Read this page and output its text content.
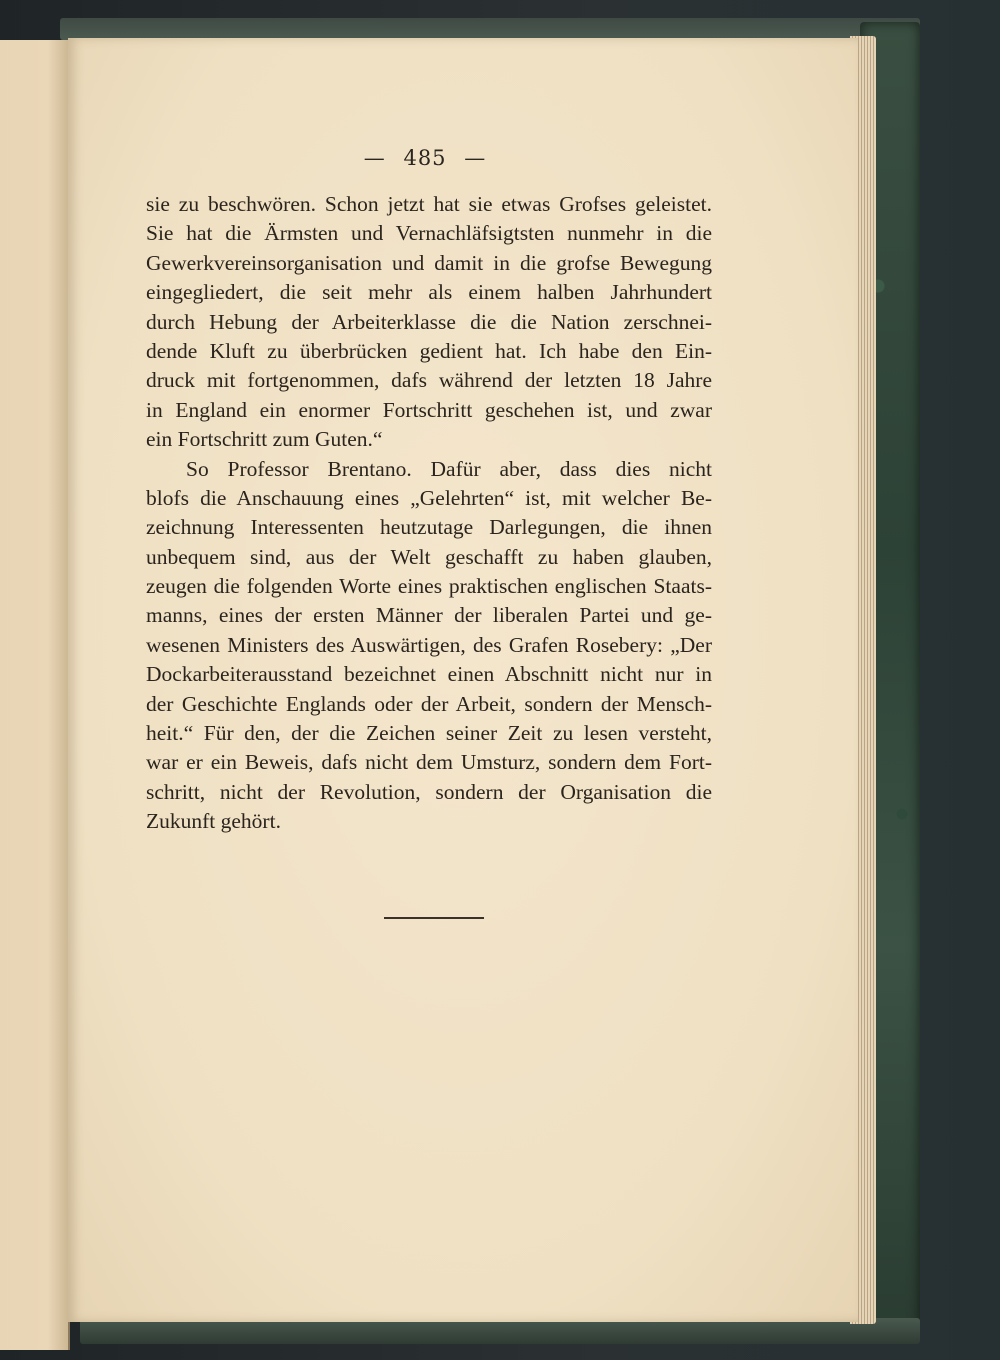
— 485 —
sie zu beschwören. Schon jetzt hat sie etwas Grofses geleistet.
Sie hat die Ärmsten und Vernachläfsigtsten nunmehr in die
Gewerkvereinsorganisation und damit in die grofse Bewegung
eingegliedert, die seit mehr als einem halben Jahrhundert
durch Hebung der Arbeiterklasse die die Nation zerschnei-
dende Kluft zu überbrücken gedient hat. Ich habe den Ein-
druck mit fortgenommen, dafs während der letzten 18 Jahre
in England ein enormer Fortschritt geschehen ist, und zwar
ein Fortschritt zum Guten.“
So Professor Brentano. Dafür aber, dass dies nicht
blofs die Anschauung eines „Gelehrten“ ist, mit welcher Be-
zeichnung Interessenten heutzutage Darlegungen, die ihnen
unbequem sind, aus der Welt geschafft zu haben glauben,
zeugen die folgenden Worte eines praktischen englischen Staats-
manns, eines der ersten Männer der liberalen Partei und ge-
wesenen Ministers des Auswärtigen, des Grafen Rosebery: „Der
Dockarbeiterausstand bezeichnet einen Abschnitt nicht nur in
der Geschichte Englands oder der Arbeit, sondern der Mensch-
heit.“ Für den, der die Zeichen seiner Zeit zu lesen versteht,
war er ein Beweis, dafs nicht dem Umsturz, sondern dem Fort-
schritt, nicht der Revolution, sondern der Organisation die
Zukunft gehört.
